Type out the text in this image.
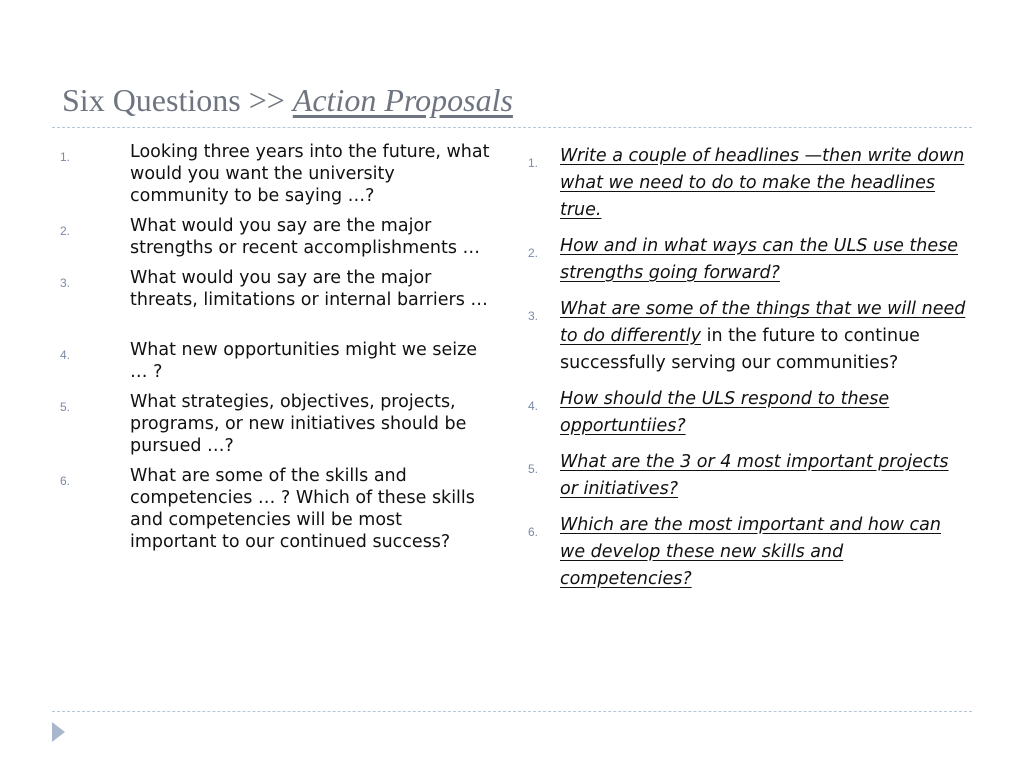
Six Questions >> Action Proposals
1.	Looking three years into the future, what would you want the university community to be saying …?
2.	What would you say are the major strengths or recent accomplishments …
3.	What would you say are the major threats, limitations or internal barriers …
4.	What new opportunities might we seize … ?
5.	What strategies, objectives, projects, programs, or new initiatives should be pursued …?
6.	What are some of the skills and competencies … ? Which of these skills and competencies will be most important to our continued success?
1. Write a couple of headlines —then write down what we need to do to make the headlines true.
2. How and in what ways can the ULS use these strengths going forward?
3. What are some of the things that we will need to do differently in the future to continue successfully serving our communities?
4. How should the ULS respond to these opportuntiies?
5. What are the 3 or 4 most important projects or initiatives?
6. Which are the most important and how can we develop these new skills and competencies?
